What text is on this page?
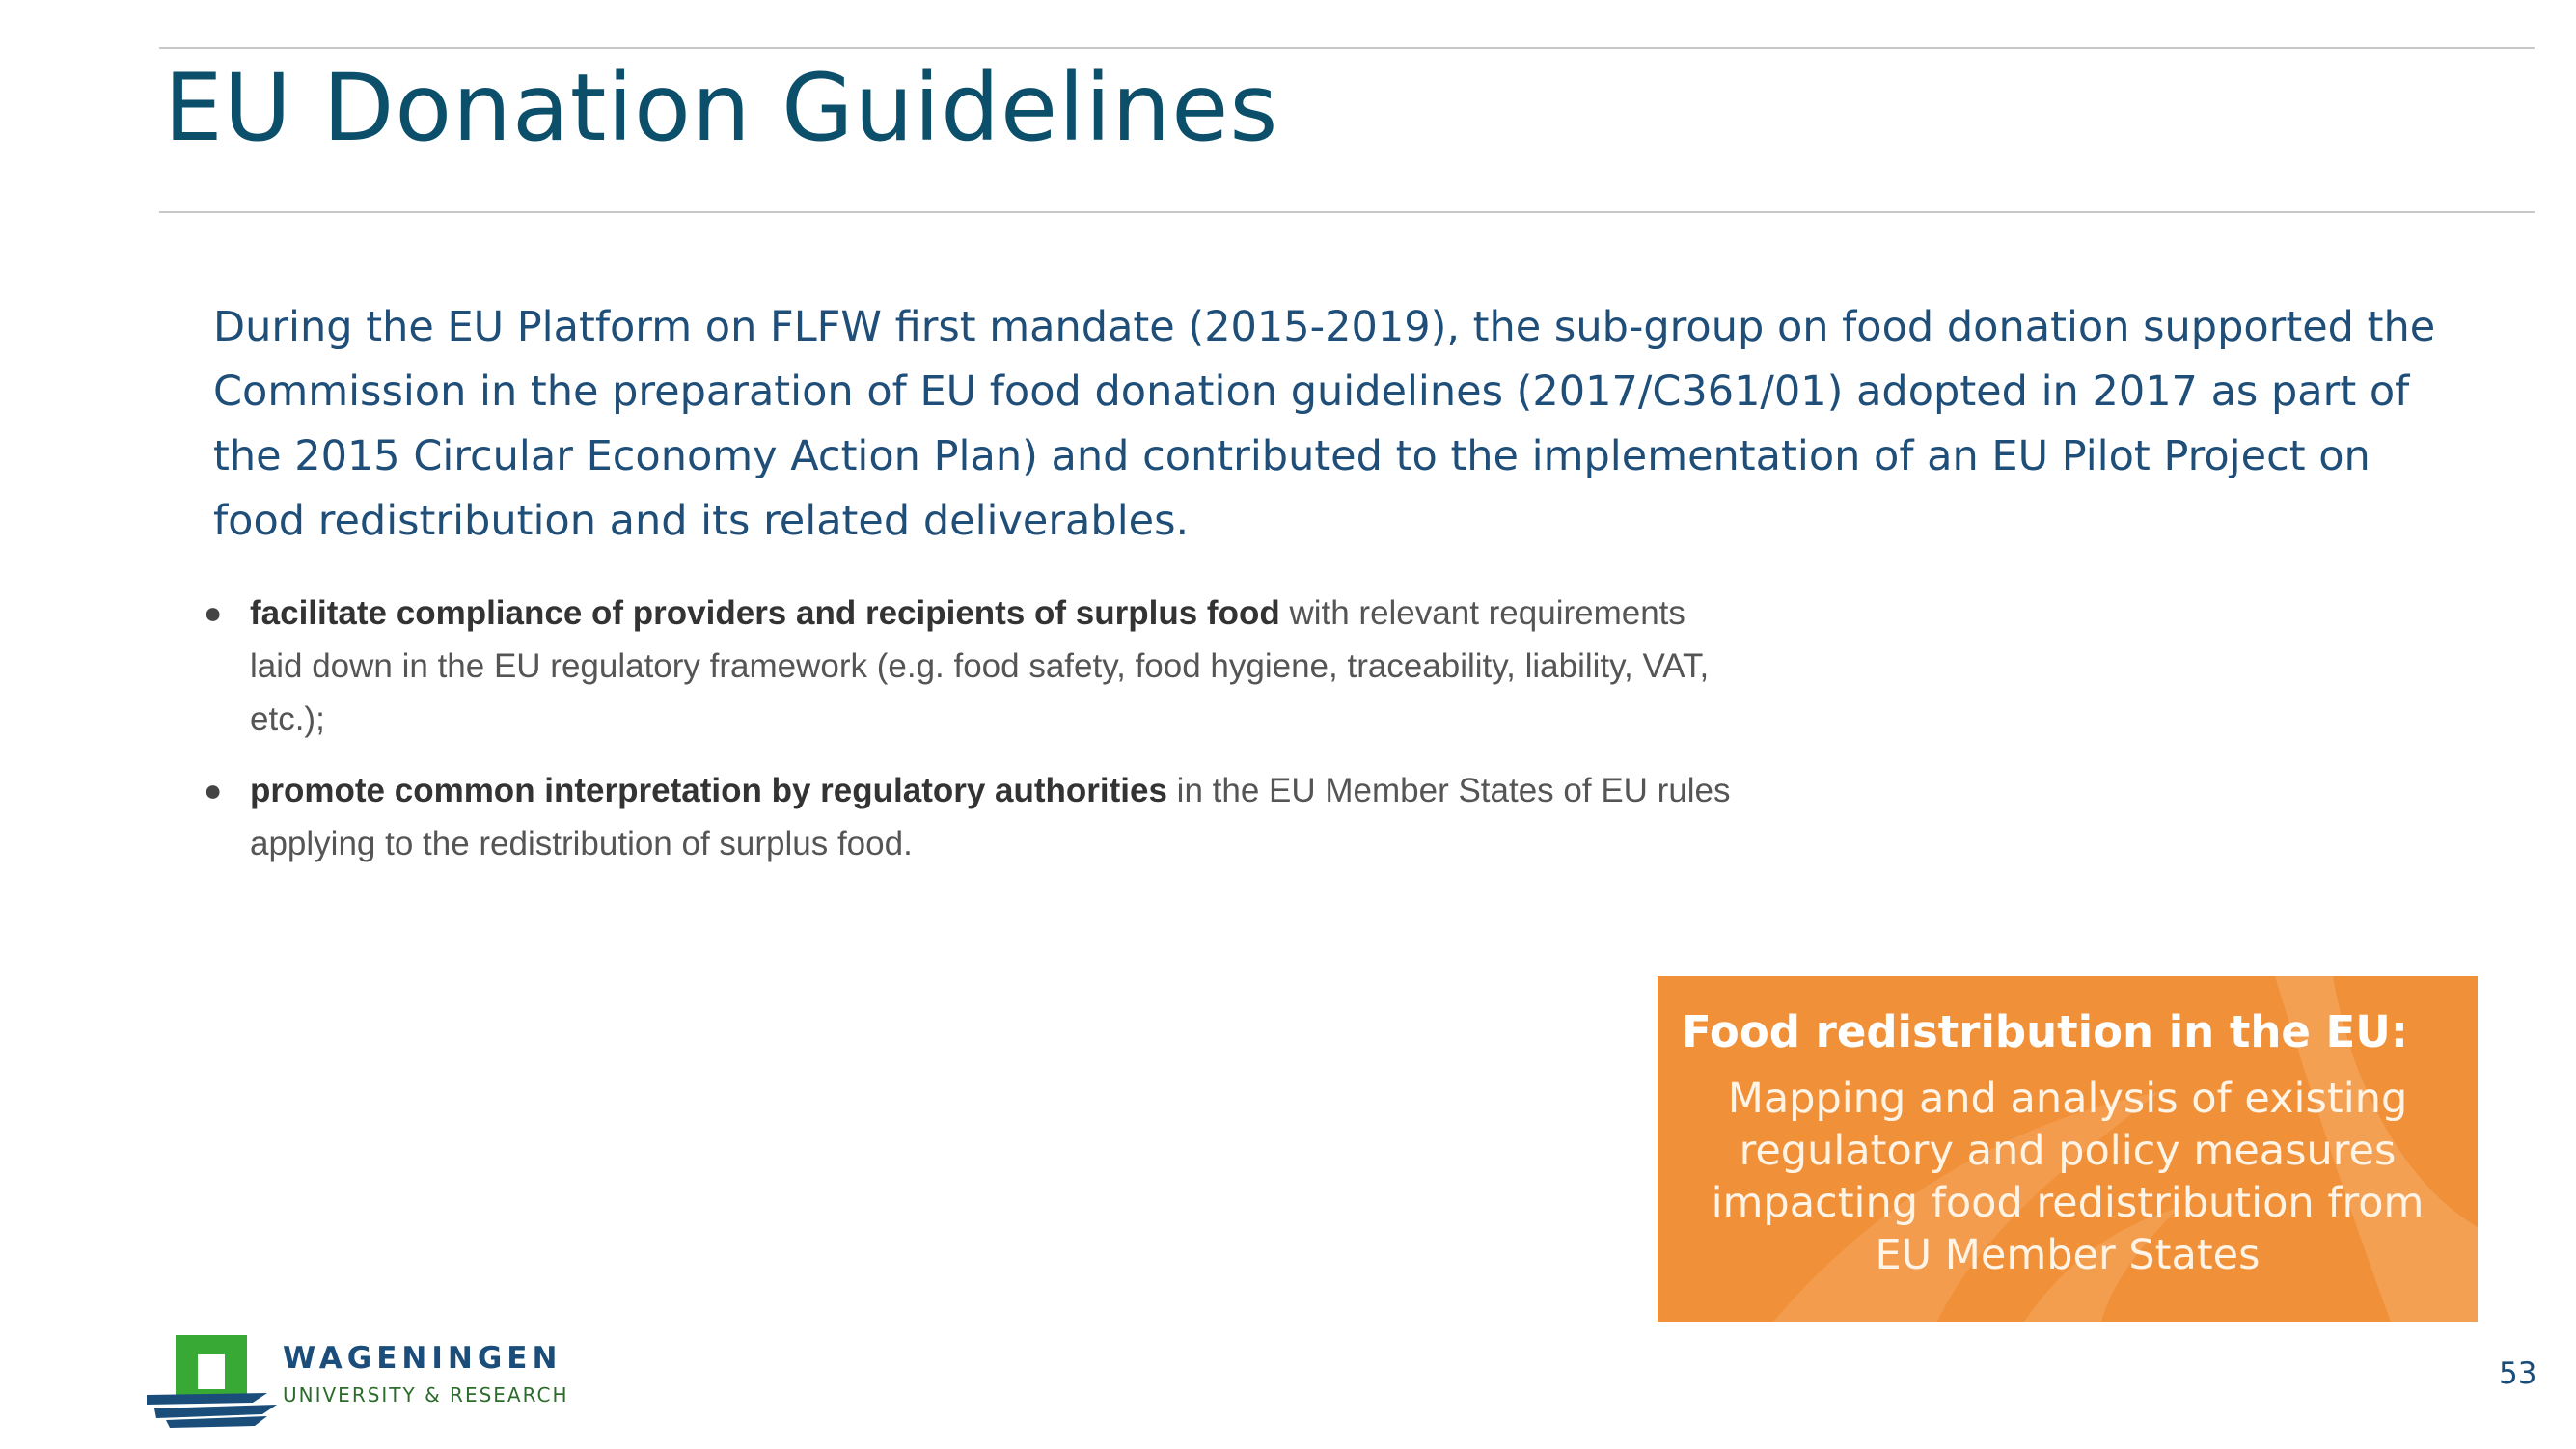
EU Donation Guidelines

During the EU Platform on FLFW first mandate (2015-2019), the sub-group on food donation supported the Commission in the preparation of EU food donation guidelines (2017/C361/01) adopted in 2017 as part of the 2015 Circular Economy Action Plan) and contributed to the implementation of an EU Pilot Project on food redistribution and its related deliverables.

● facilitate compliance of providers and recipients of surplus food with relevant requirements laid down in the EU regulatory framework (e.g. food safety, food hygiene, traceability, liability, VAT, etc.);
● promote common interpretation by regulatory authorities in the EU Member States of EU rules applying to the redistribution of surplus food.

Food redistribution in the EU:

Mapping and analysis of existing regulatory and policy measures impacting food redistribution from EU Member States

WAGENINGEN
UNIVERSITY & RESEARCH
53
